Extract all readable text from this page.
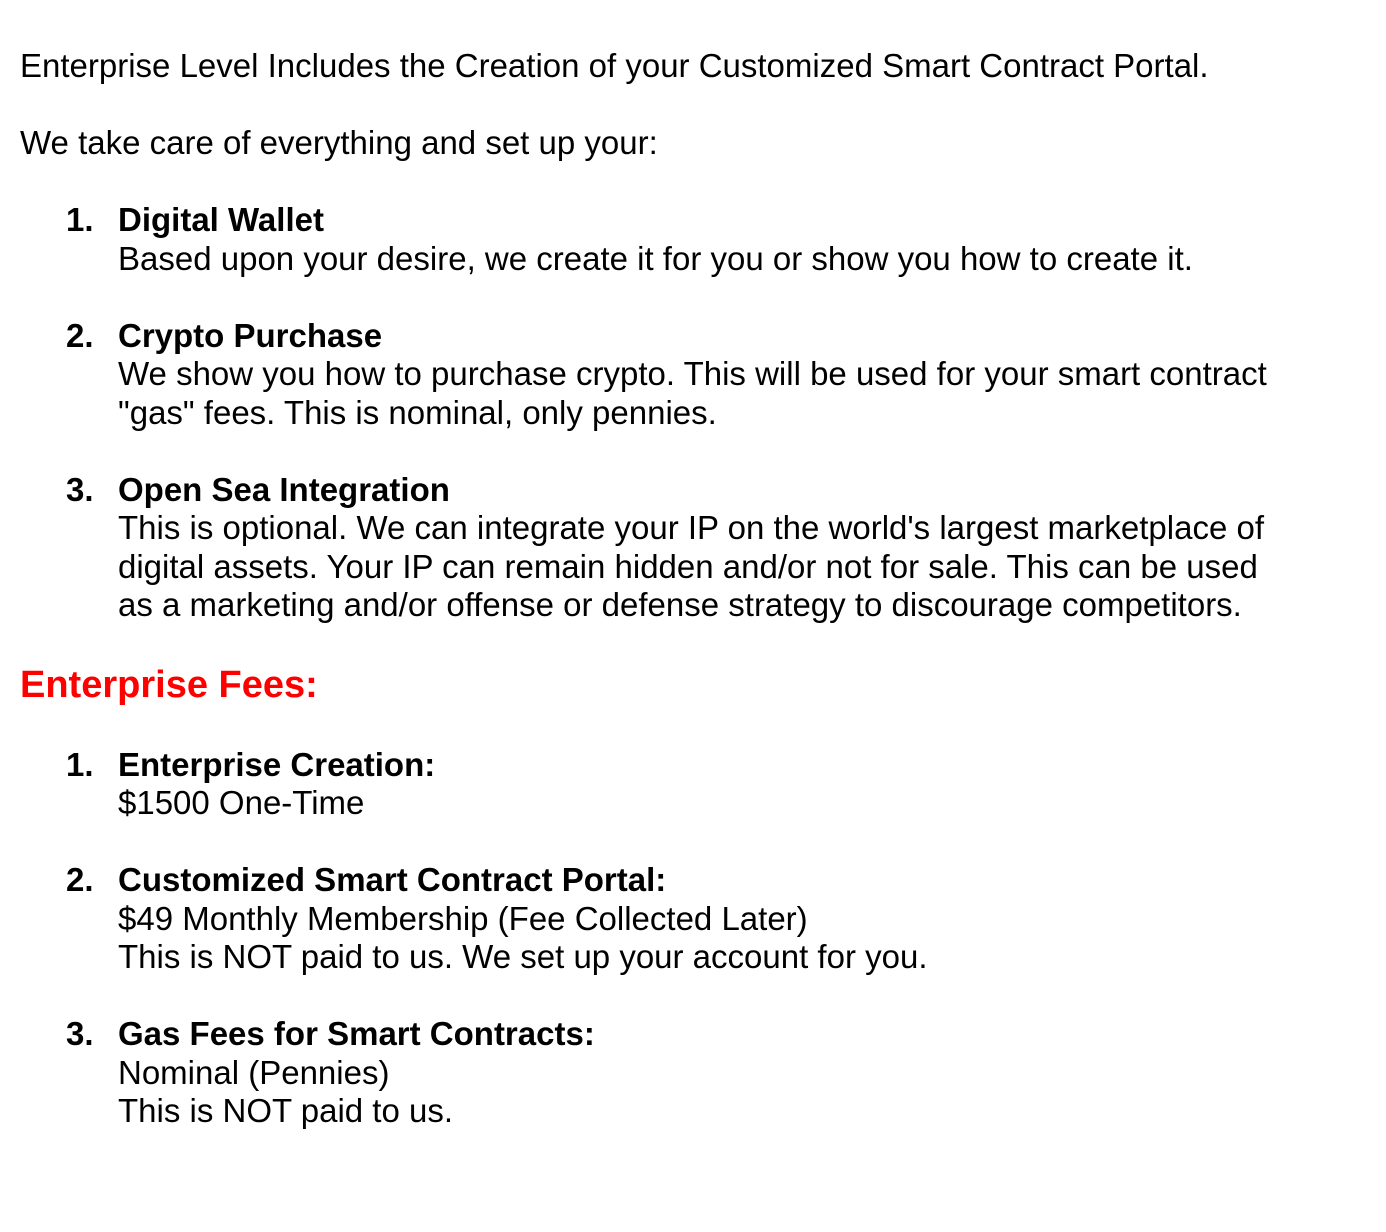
Enterprise Level Includes the Creation of your Customized Smart Contract Portal.

We take care of everything and set up your:

1. Digital Wallet
Based upon your desire, we create it for you or show you how to create it.
2. Crypto Purchase
We show you how to purchase crypto. This will be used for your smart contract
"gas" fees. This is nominal, only pennies.
3. Open Sea Integration
This is optional. We can integrate your IP on the world's largest marketplace of
digital assets. Your IP can remain hidden and/or not for sale. This can be used
as a marketing and/or offense or defense strategy to discourage competitors.
Enterprise Fees:
1. Enterprise Creation:
$1500 One-Time
2. Customized Smart Contract Portal:
$49 Monthly Membership (Fee Collected Later)
This is NOT paid to us. We set up your account for you.
3. Gas Fees for Smart Contracts:
Nominal (Pennies)
This is NOT paid to us.
